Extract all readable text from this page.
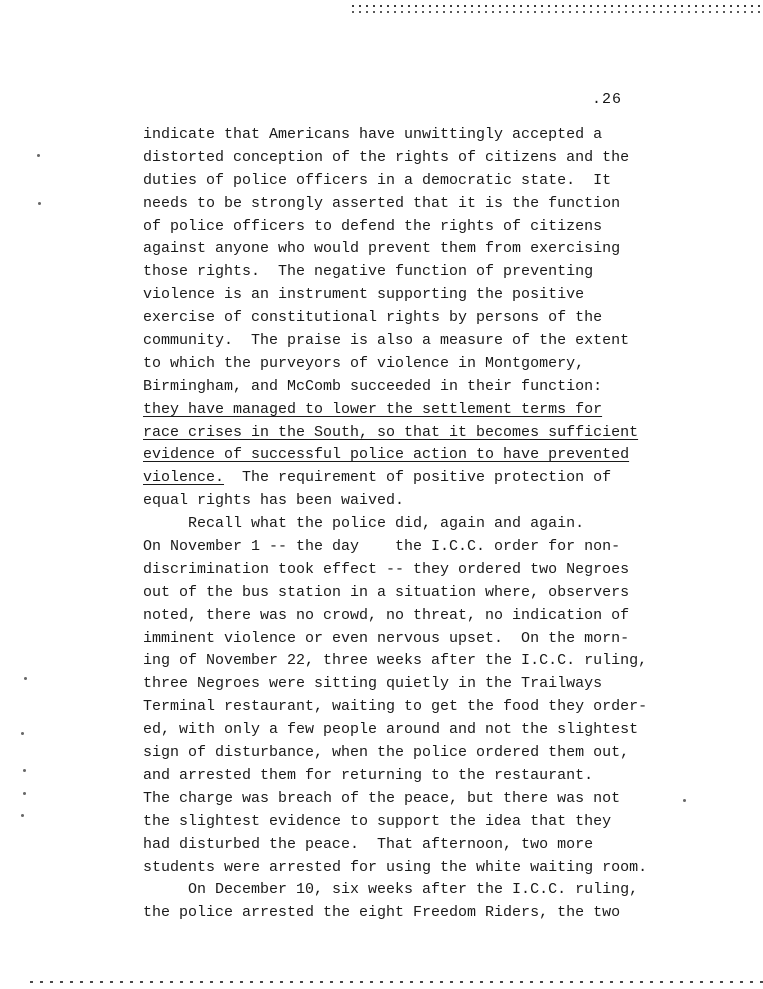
.26
indicate that Americans have unwittingly accepted a
distorted conception of the rights of citizens and the
duties of police officers in a democratic state.  It
needs to be strongly asserted that it is the function
of police officers to defend the rights of citizens
against anyone who would prevent them from exercising
those rights.  The negative function of preventing
violence is an instrument supporting the positive
exercise of constitutional rights by persons of the
community.  The praise is also a measure of the extent
to which the purveyors of violence in Montgomery,
Birmingham, and McComb succeeded in their function:
they have managed to lower the settlement terms for
race crises in the South, so that it becomes sufficient
evidence of successful police action to have prevented
violence.  The requirement of positive protection of
equal rights has been waived.
Recall what the police did, again and again.
On November 1 -- the day    the I.C.C. order for non-
discrimination took effect -- they ordered two Negroes
out of the bus station in a situation where, observers
noted, there was no crowd, no threat, no indication of
imminent violence or even nervous upset.  On the morn-
ing of November 22, three weeks after the I.C.C. ruling,
three Negroes were sitting quietly in the Trailways
Terminal restaurant, waiting to get the food they order-
ed, with only a few people around and not the slightest
sign of disturbance, when the police ordered them out,
and arrested them for returning to the restaurant.
The charge was breach of the peace, but there was not
the slightest evidence to support the idea that they
had disturbed the peace.  That afternoon, two more
students were arrested for using the white waiting room.
On December 10, six weeks after the I.C.C. ruling,
the police arrested the eight Freedom Riders, the two
